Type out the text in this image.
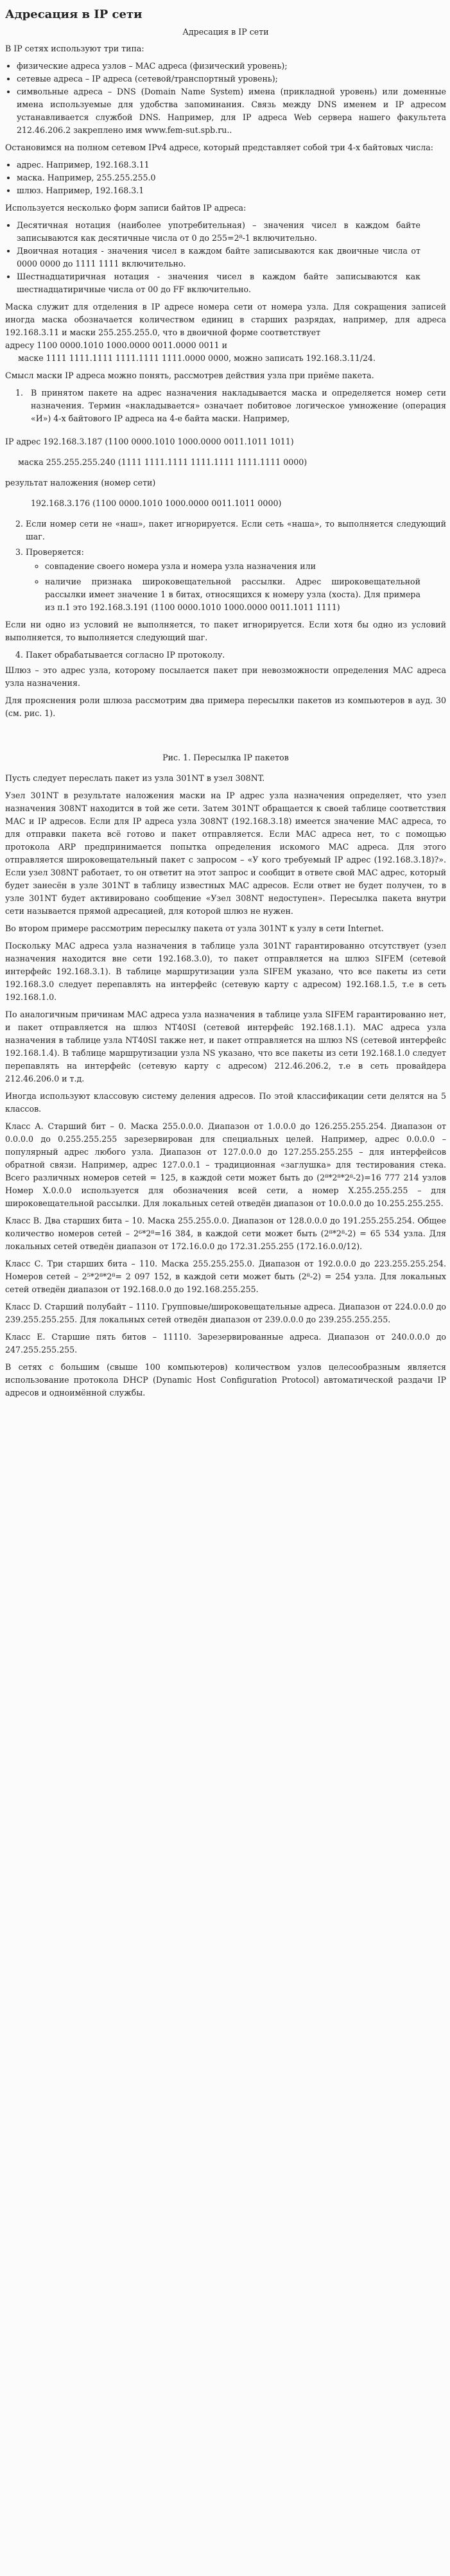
Адресация в IP сети
Адресация в IP сети

В IP сетях используют три типа:

• физические адреса узлов – MAC адреса (физический уровень);
• сетевые адреса – IP адреса (сетевой/транспортный уровень);
• символьные адреса – DNS (Domain Name System) имена (прикладной уровень) или доменные имена используемые для удобства запоминания. Связь между DNS именем и IP адресом устанавливается службой DNS. Например, для IP адреса Web сервера нашего факультета 212.46.206.2 закреплено имя www.fem-sut.spb.ru..

Остановимся на полном сетевом IPv4 адресе, который представляет собой три 4-х байтовых числа:

• адрес. Например, 192.168.3.11
• маска. Например, 255.255.255.0
• шлюз. Например, 192.168.3.1

Используется несколько форм записи байтов IP адреса:

• Десятичная нотация (наиболее употребительная) – значения чисел в каждом байте записываются как десятичные числа от 0 до 255=2⁸-1 включительно.
• Двоичная нотация - значения чисел в каждом байте записываются как двоичные числа от 0000 0000 до 1111 1111 включительно.
• Шестнадцатиричная нотация - значения чисел в каждом байте записываются как шестнадцатиричные числа от 00 до FF включительно.

Маска служит для отделения в IP адресе номера сети от номера узла. Для сокращения записей иногда маска обозначается количеством единиц в старших разрядах, например, для адреса 192.168.3.11 и маски 255.255.255.0, что в двоичной форме соответствует

адресу 1100 0000.1010 1000.0000 0011.0000 0011 и

маске 1111 1111.1111 1111.1111 1111.0000 0000, можно записать 192.168.3.11/24.

Смысл маски IP адреса можно понять, рассмотрев действия узла при приёме пакета.

1. В принятом пакете на адрес назначения накладывается маска и определяется номер сети назначения. Термин «накладывается» означает побитовое логическое умножение (операция «И») 4-х байтового IP адреса на 4-е байта маски. Например,
IP адрес 192.168.3.187 (1100 0000.1010 1000.0000 0011.1011 1011)
маска 255.255.255.240 (1111 1111.1111 1111.1111 1111.1111 0000)
результат наложения (номер сети)
192.168.3.176 (1100 0000.1010 1000.0000 0011.1011 0000)
2. Если номер сети не «наш», пакет игнорируется. Если сеть «наша», то выполняется следующий шаг.
3. Проверяется:
◦ совпадение своего номера узла и номера узла назначения или
◦ наличие признака широковещательной рассылки. Адрес широковещательной рассылки имеет значение 1 в битах, относящихся к номеру узла (хоста). Для примера из п.1 это 192.168.3.191 (1100 0000.1010 1000.0000 0011.1011 1111)

Если ни одно из условий не выполняется, то пакет игнорируется. Если хотя бы одно из условий выполняется, то выполняется следующий шаг.

4. Пакет обрабатывается согласно IP протоколу.

Шлюз – это адрес узла, которому посылается пакет при невозможности определения MAC адреса узла назначения.

Для прояснения роли шлюза рассмотрим два примера пересылки пакетов из компьютеров в ауд. 30 (см. рис. 1).

Рис. 1. Пересылка IP пакетов

Пусть следует переслать пакет из узла 301NT в узел 308NT.

Узел 301NT в результате наложения маски на IP адрес узла назначения определяет, что узел назначения 308NT находится в той же сети. Затем 301NT обращается к своей таблице соответствия MAC и IP адресов. Если для IP адреса узла 308NT (192.168.3.18) имеется значение MAC адреса, то для отправки пакета всё готово и пакет отправляется. Если MAC адреса нет, то с помощью протокола ARP предпринимается попытка определения искомого MAC адреса. Для этого отправляется широковещательный пакет с запросом – «У кого требуемый IP адрес (192.168.3.18)?». Если узел 308NT работает, то он ответит на этот запрос и сообщит в ответе свой MAC адрес, который будет занесён в узле 301NT в таблицу известных MAC адресов. Если ответ не будет получен, то в узле 301NT будет активировано сообщение «Узел 308NT недоступен». Пересылка пакета внутри сети называется прямой адресацией, для которой шлюз не нужен.

Во втором примере рассмотрим пересылку пакета от узла 301NT к узлу в сети Internet.

Поскольку MAC адреса узла назначения в таблице узла 301NT гарантированно отсутствует (узел назначения находится вне сети 192.168.3.0), то пакет отправляется на шлюз SIFEM (сетевой интерфейс 192.168.3.1). В таблице маршрутизации узла SIFEM указано, что все пакеты из сети 192.168.3.0 следует перепавлять на интерфейс (сетевую карту с адресом) 192.168.1.5, т.е в сеть 192.168.1.0.

По аналогичным причинам MAC адреса узла назначения в таблице узла SIFEM гарантированно нет, и пакет отправляется на шлюз NT40SI (сетевой интерфейс 192.168.1.1). MAC адреса узла назначения в таблице узла NT40SI также нет, и пакет отправляется на шлюз NS (сетевой интерфейс 192.168.1.4). В таблице маршрутизации узла NS указано, что все пакеты из сети 192.168.1.0 следует перепавлять на интерфейс (сетевую карту с адресом) 212.46.206.2, т.е в сеть провайдера 212.46.206.0 и т.д.

Иногда используют классовую систему деления адресов. По этой классификации сети делятся на 5 классов.

Класс А. Старший бит – 0. Маска 255.0.0.0. Диапазон от 1.0.0.0 до 126.255.255.254. Диапазон от 0.0.0.0 до 0.255.255.255 зарезервирован для специальных целей. Например, адрес 0.0.0.0 – популярный адрес любого узла. Диапазон от 127.0.0.0 до 127.255.255.255 – для интерфейсов обратной связи. Например, адрес 127.0.0.1 – традиционная «заглушка» для тестирования стека. Всего различных номеров сетей = 125, в каждой сети может быть до (2⁸*2⁸*2⁸-2)=16 777 214 узлов Номер X.0.0.0 используется для обозначения всей сети, а номер X.255.255.255 – для широковещательной рассылки. Для локальных сетей отведён диапазон от 10.0.0.0 до 10.255.255.255.

Класс В. Два старших бита – 10. Маска 255.255.0.0. Диапазон от 128.0.0.0 до 191.255.255.254. Общее количество номеров сетей – 2⁶*2⁸=16 384, в каждой сети может быть (2⁸*2⁸-2) = 65 534 узла. Для локальных сетей отведён диапазон от 172.16.0.0 до 172.31.255.255 (172.16.0.0/12).

Класс С. Три старших бита – 110. Маска 255.255.255.0. Диапазон от 192.0.0.0 до 223.255.255.254. Номеров сетей – 2⁵*2⁸*2⁸= 2 097 152, в каждой сети может быть (2⁸-2) = 254 узла. Для локальных сетей отведён диапазон от 192.168.0.0 до 192.168.255.255.

Класс D. Старший полубайт – 1110. Групповые/широковещательные адреса. Диапазон от 224.0.0.0 до 239.255.255.255. Для локальных сетей отведён диапазон от 239.0.0.0 до 239.255.255.255.

Класс Е. Старшие пять битов – 11110. Зарезервированные адреса. Диапазон от 240.0.0.0 до 247.255.255.255.

В сетях с большим (свыше 100 компьютеров) количеством узлов целесообразным является использование протокола DHCP (Dynamic Host Configuration Protocol) автоматической раздачи IP адресов и одноимённой службы.
